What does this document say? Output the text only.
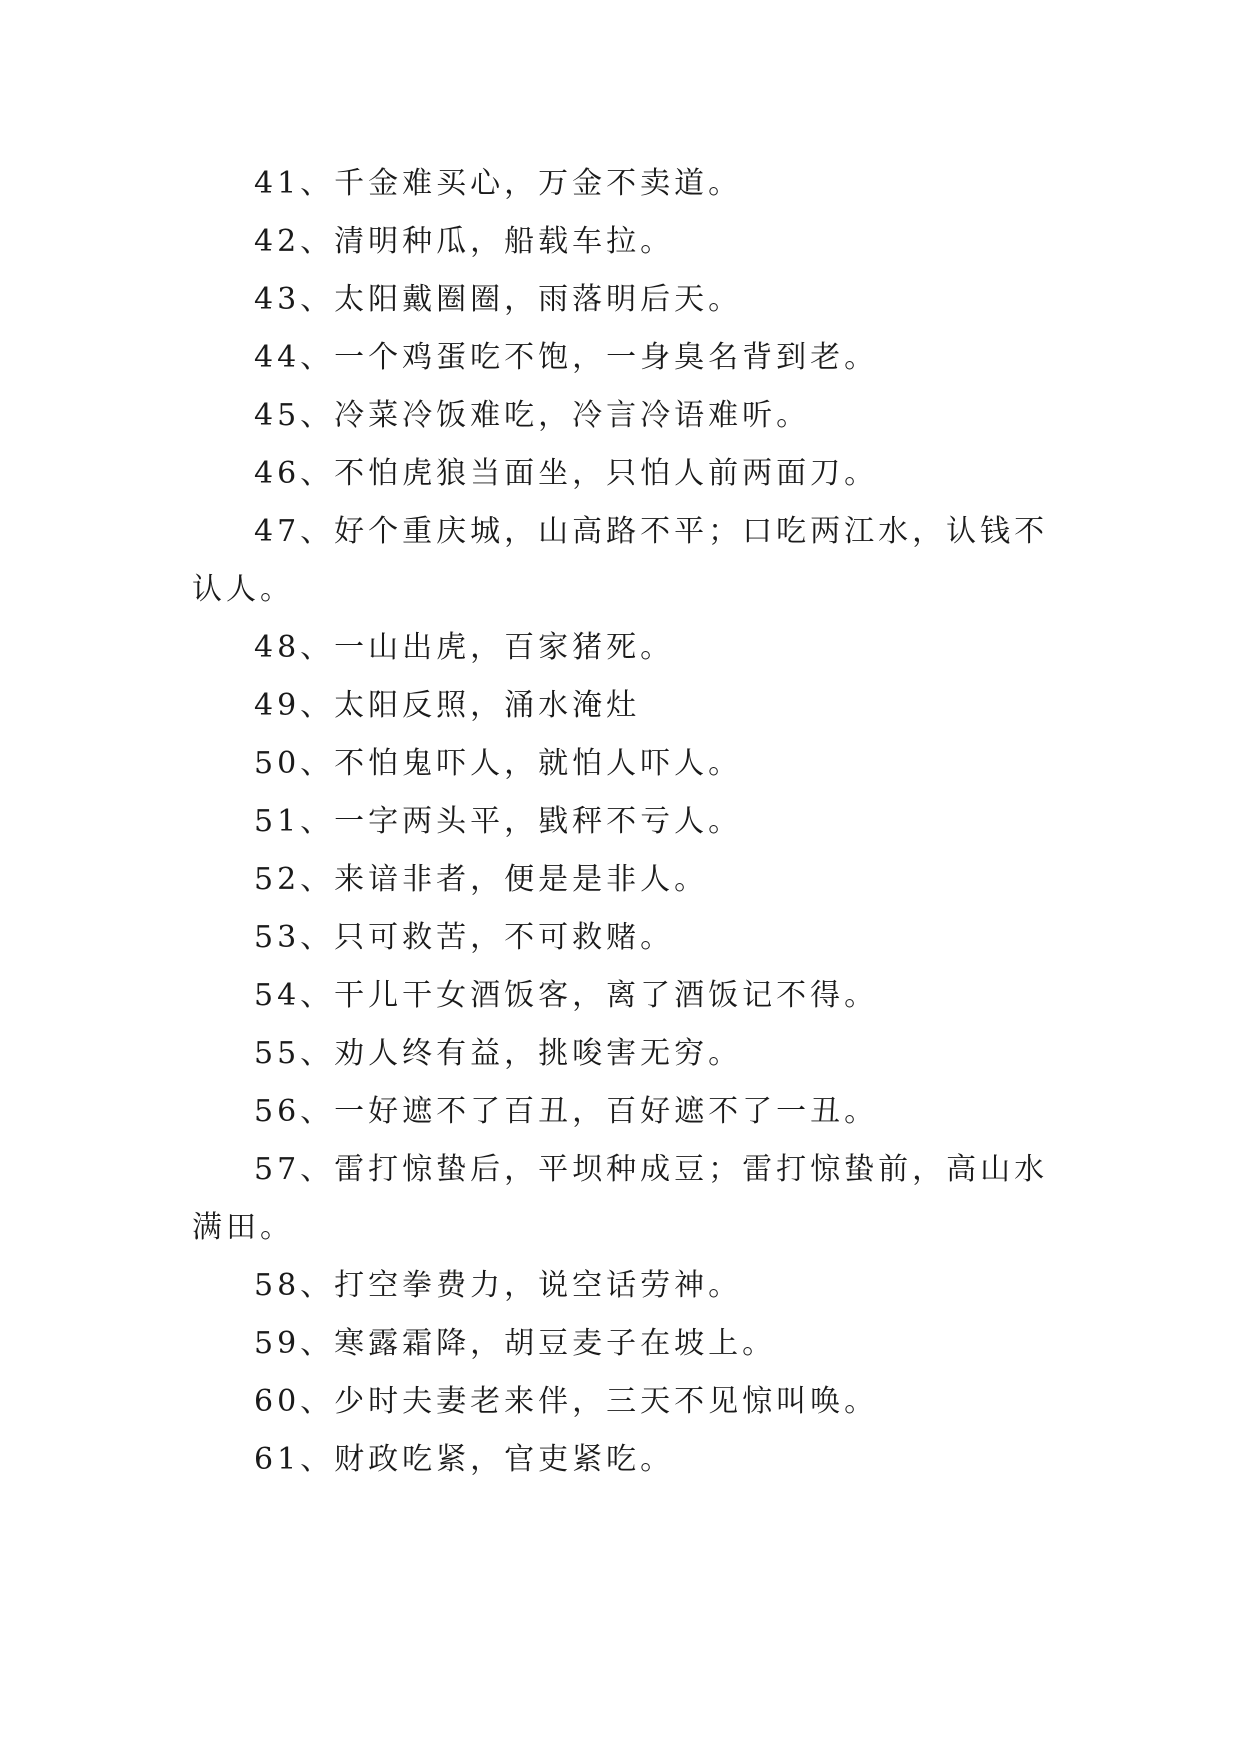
41、千金难买心，万金不卖道。

42、清明种瓜，船载车拉。

43、太阳戴圈圈，雨落明后天。

44、一个鸡蛋吃不饱，一身臭名背到老。

45、冷菜冷饭难吃，冷言冷语难听。

46、不怕虎狼当面坐，只怕人前两面刀。

47、好个重庆城，山高路不平；口吃两江水，认钱不认人。

48、一山出虎，百家猪死。

49、太阳反照，涌水淹灶

50、不怕鬼吓人，就怕人吓人。

51、一字两头平，戥秤不亏人。

52、来谙非者，便是是非人。

53、只可救苦，不可救赌。

54、干儿干女酒饭客，离了酒饭记不得。

55、劝人终有益，挑唆害无穷。

56、一好遮不了百丑，百好遮不了一丑。

57、雷打惊蛰后，平坝种成豆；雷打惊蛰前，高山水满田。

58、打空拳费力，说空话劳神。

59、寒露霜降，胡豆麦子在坡上。

60、少时夫妻老来伴，三天不见惊叫唤。

61、财政吃紧，官吏紧吃。
